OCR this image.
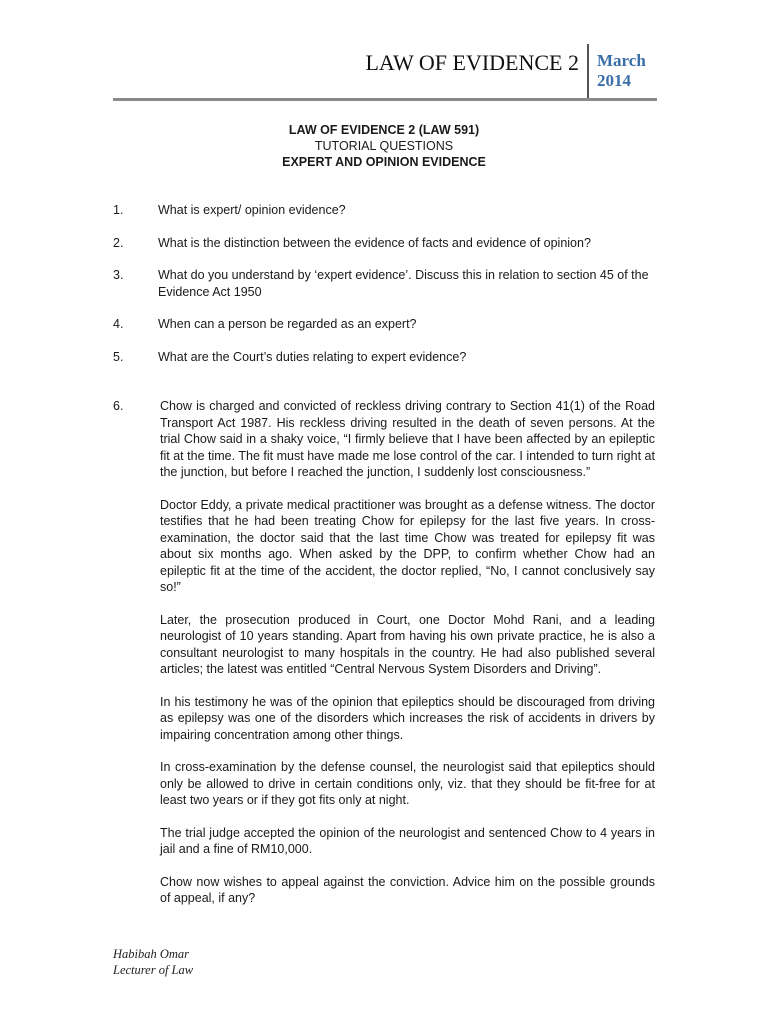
LAW OF EVIDENCE 2 March
2014
LAW OF EVIDENCE 2 (LAW 591)
TUTORIAL QUESTIONS
EXPERT AND OPINION EVIDENCE
1.	What is expert/ opinion evidence?
2.	What is the distinction between the evidence of facts and evidence of opinion?
3.	What do you understand by ‘expert evidence’. Discuss this in relation to section 45 of the Evidence Act 1950
4.	When can a person be regarded as an expert?
5.	What are the Court’s duties relating to expert evidence?
6.	Chow is charged and convicted of reckless driving contrary to Section 41(1) of the Road Transport Act 1987. His reckless driving resulted in the death of seven persons. At the trial Chow said in a shaky voice, “I firmly believe that I have been affected by an epileptic fit at the time. The fit must have made me lose control of the car. I intended to turn right at the junction, but before I reached the junction, I suddenly lost consciousness.”

Doctor Eddy, a private medical practitioner was brought as a defense witness. The doctor testifies that he had been treating Chow for epilepsy for the last five years. In cross-examination, the doctor said that the last time Chow was treated for epilepsy fit was about six months ago. When asked by the DPP, to confirm whether Chow had an epileptic fit at the time of the accident, the doctor replied, “No, I cannot conclusively say so!”

Later, the prosecution produced in Court, one Doctor Mohd Rani, and a leading neurologist of 10 years standing. Apart from having his own private practice, he is also a consultant neurologist to many hospitals in the country. He had also published several articles; the latest was entitled “Central Nervous System Disorders and Driving”.

In his testimony he was of the opinion that epileptics should be discouraged from driving as epilepsy was one of the disorders which increases the risk of accidents in drivers by impairing concentration among other things.

In cross-examination by the defense counsel, the neurologist said that epileptics should only be allowed to drive in certain conditions only, viz. that they should be fit-free for at least two years or if they got fits only at night.

The trial judge accepted the opinion of the neurologist and sentenced Chow to 4 years in jail and a fine of RM10,000.

Chow now wishes to appeal against the conviction. Advice him on the possible grounds of appeal, if any?

Habibah Omar
Lecturer of Law
